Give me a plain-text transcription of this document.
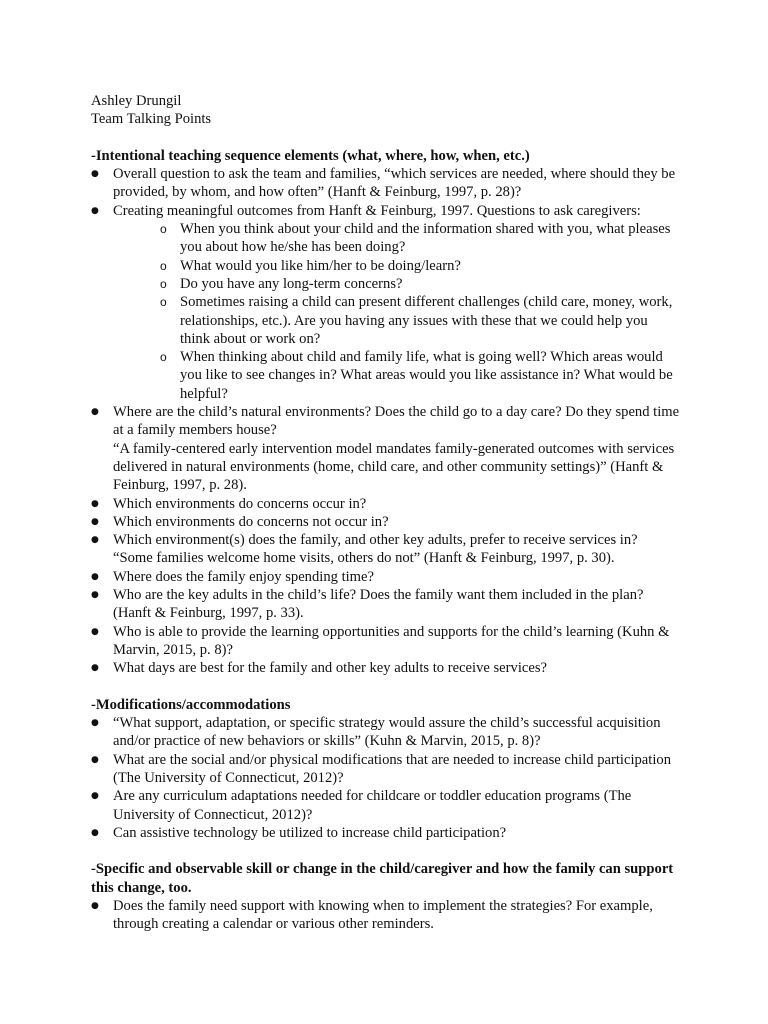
Ashley Drungil
Team Talking Points
-Intentional teaching sequence elements (what, where, how, when, etc.)
● Overall question to ask the team and families, “which services are needed, where should they be provided, by whom, and how often” (Hanft & Feinburg, 1997, p. 28)?
● Creating meaningful outcomes from Hanft & Feinburg, 1997. Questions to ask caregivers:
o When you think about your child and the information shared with you, what pleases you about how he/she has been doing?
o What would you like him/her to be doing/learn?
o Do you have any long-term concerns?
o Sometimes raising a child can present different challenges (child care, money, work, relationships, etc.). Are you having any issues with these that we could help you think about or work on?
o When thinking about child and family life, what is going well? Which areas would you like to see changes in? What areas would you like assistance in? What would be helpful?
● Where are the child’s natural environments? Does the child go to a day care? Do they spend time at a family members house?
“A family-centered early intervention model mandates family-generated outcomes with services delivered in natural environments (home, child care, and other community settings)” (Hanft & Feinburg, 1997, p. 28).
● Which environments do concerns occur in?
● Which environments do concerns not occur in?
● Which environment(s) does the family, and other key adults, prefer to receive services in?
“Some families welcome home visits, others do not” (Hanft & Feinburg, 1997, p. 30).
● Where does the family enjoy spending time?
● Who are the key adults in the child’s life? Does the family want them included in the plan? (Hanft & Feinburg, 1997, p. 33).
● Who is able to provide the learning opportunities and supports for the child’s learning (Kuhn & Marvin, 2015, p. 8)?
● What days are best for the family and other key adults to receive services?
-Modifications/accommodations
● “What support, adaptation, or specific strategy would assure the child’s successful acquisition and/or practice of new behaviors or skills” (Kuhn & Marvin, 2015, p. 8)?
● What are the social and/or physical modifications that are needed to increase child participation (The University of Connecticut, 2012)?
● Are any curriculum adaptations needed for childcare or toddler education programs (The University of Connecticut, 2012)?
● Can assistive technology be utilized to increase child participation?
-Specific and observable skill or change in the child/caregiver and how the family can support this change, too.
● Does the family need support with knowing when to implement the strategies? For example, through creating a calendar or various other reminders.
